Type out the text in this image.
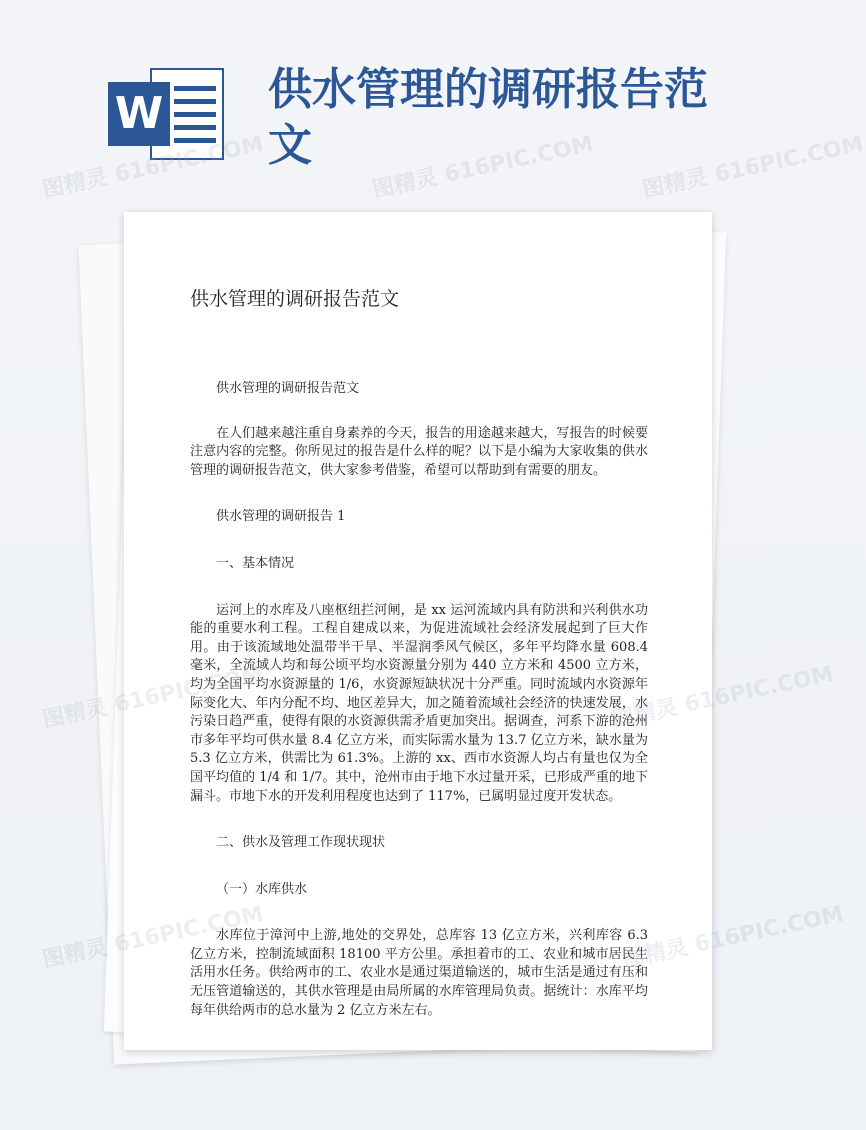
W 供水管理的调研报告范文
图精灵 616PIC.COM	图精灵 616PIC.COM 图精灵 616PIC.COM
供水管理的调研报告范文

供水管理的调研报告范文

在人们越来越注重自身素养的今天，报告的用途越来越大，写报告的时候要注意内容的完整。你所见过的报告是什么样的呢？以下是小编为大家收集的供水管理的调研报告范文，供大家参考借鉴，希望可以帮助到有需要的朋友。

供水管理的调研报告 1

一、基本情况

运河上的水库及八座枢纽拦河闸，是 xx 运河流域内具有防洪和兴利供水功能的重要水利工程。工程自建成以来，为促进流域社会经济发展起到了巨大作用。由于该流域地处温带半干旱、半湿润季风气候区，多年平均降水量 608.4 毫米，全流域人均和每公顷平均水资源量分别为 440 立方米和 4500 立方米，均为全国平均水资源量的 1/6，水资源短缺状况十分严重。同时流域内水资源年际变化大、年内分配不均、地区差异大，加之随着流域社会经济的快速发展，水污染日趋严重，使得有限的水资源供需矛盾更加突出。据调查，河系下游的沧州市多年平均可供水量 8.4 亿立方米，而实际需水量为 13.7 亿立方米，缺水量为 5.3 亿立方米，供需比为 61.3%。上游的 xx、西市水资源人均占有量也仅为全国平均值的 1/4 和 1/7。其中，沧州市由于地下水过量开采，已形成严重的地下漏斗。市地下水的开发利用程度也达到了 117%，已属明显过度开发状态。

二、供水及管理工作现状现状

（一）水库供水

水库位于漳河中上游,地处的交界处，总库容 13 亿立方米，兴利库容 6.3 亿立方米，控制流域面积 18100 平方公里。承担着市的工、农业和城市居民生活用水任务。供给两市的工、农业水是通过渠道输送的，城市生活是通过有压和无压管道输送的，其供水管理是由局所属的水库管理局负责。据统计：水库平均每年供给两市的总水量为 2 亿立方米左右。

图精灵	图精灵 616PIC.COM
图精灵 616PIC.COM
图精灵
